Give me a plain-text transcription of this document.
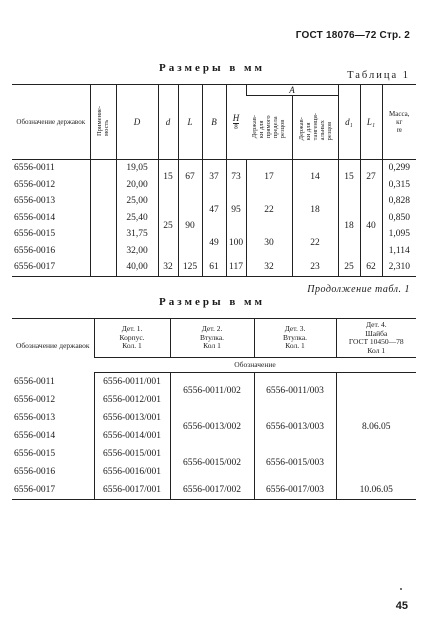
ГОСТ 18076—72 Стр. 2
Размеры в мм
Таблица 1
Обозначение державок	Применяе-
мость	D	d	L	B	H
8	A		d₁	L₁	Масса,
кг
m
							Держав-
ки для
прямого
предела
резцов	Держав-
ки для
тангенци-
альных
резцов			
6556-0011		19,05	15	67	37	73	17	14	15	27	0,299
6556-0012		20,00									0,315
6556-0013		25,00	25	90	47	95	22	18	18	40	0,828
6556-0014		25,40									0,850
6556-0015		31,75			49	100	30	22			1,095
6556-0016		32,00									1,114
6556-0017		40,00	32	125	61	117	32	23	25	62	2,310
Продолжение табл. 1
Размеры в мм
Обозначение державок	Дет. 1.
Корпус.
Кол. 1	Дет. 2.
Втулка.
Кол 1	Дет. 3.
Втулка.
Кол. 1	Дет. 4.
Шайба
ГОСТ 10450—78
Кол 1
	Обозначение			
6556-0011	6556-0011/001	6556-0011/002	6556-0011/003	8.06.05
6556-0012	6556-0012/001			
6556-0013	6556-0013/001	6556-0013/002	6556-0013/003	
6556-0014	6556-0014/001			
6556-0015	6556-0015/001	6556-0015/002	6556-0015/003	
6556-0016	6556-0016/001			
6556-0017	6556-0017/001	6556-0017/002	6556-0017/003	10.06.05
45
